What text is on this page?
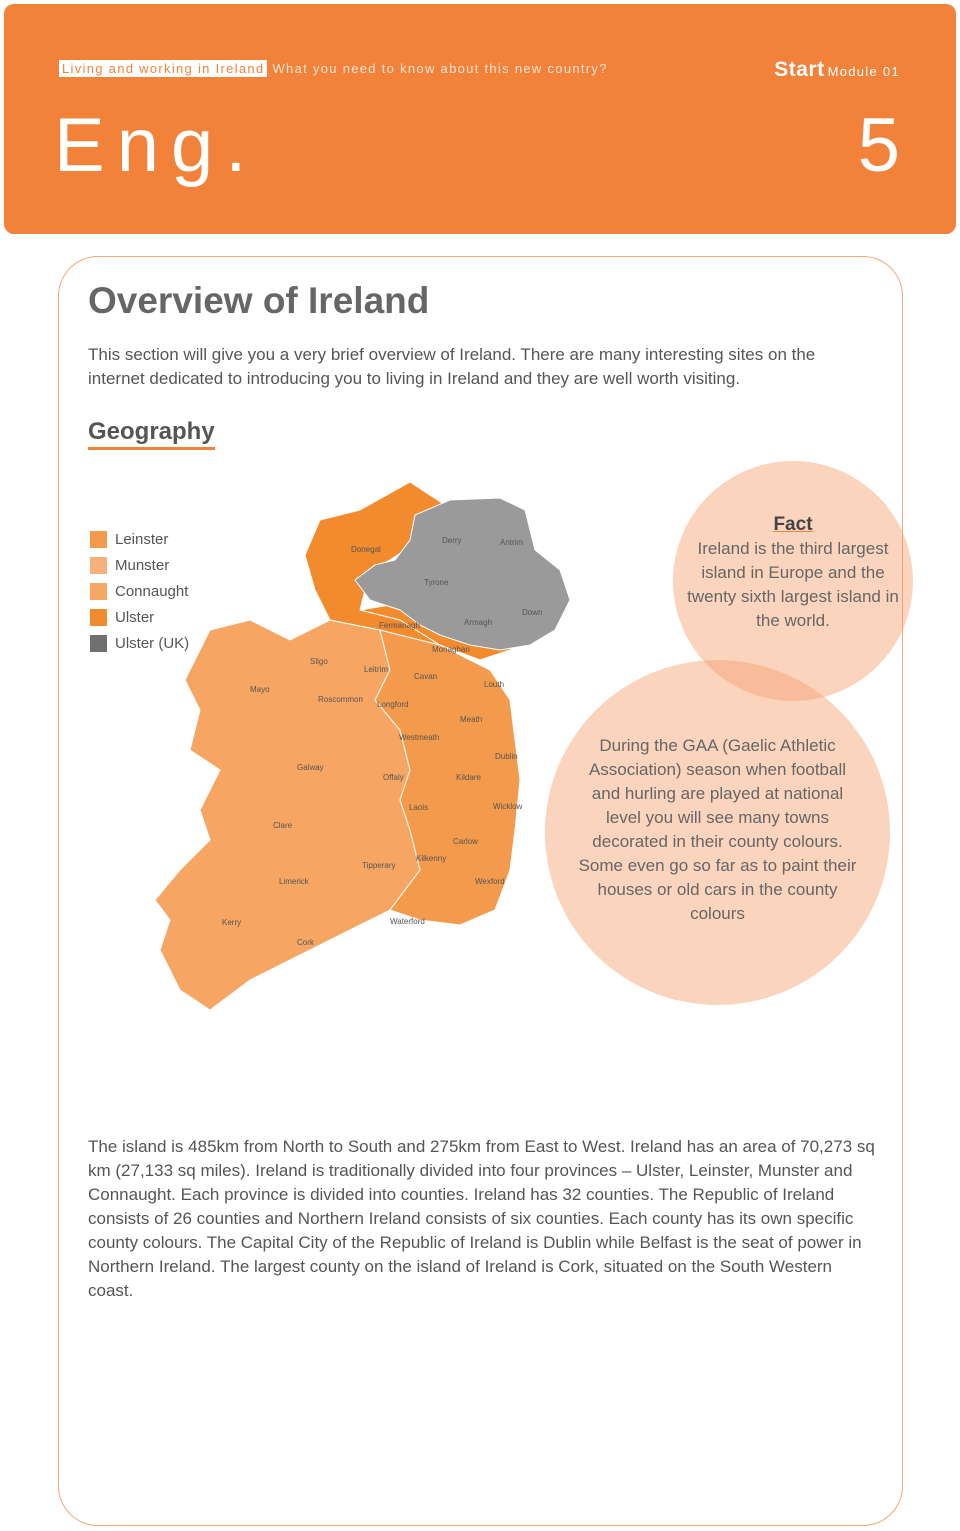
Living and working in Ireland What you need to know about this new country?	Start Module 01
Eng.	5
Overview of Ireland

This section will give you a very brief overview of Ireland. There are many interesting sites on the internet dedicated to introducing you to living in Ireland and they are well worth visiting.

Geography
Leinster
Munster
Connaught
Ulster
Ulster (UK)
Donegal
Derry	Antrim
Tyrone
Fermanagh	Armagh
Down
Monaghan
Sligo
Leitrim
Cavan
Louth
Mayo
Roscommon
Longford
Meath
Westmeath
Dublin
Galway
Offaly	Kildare
Laois	Wicklow
Clare
Carlow
Tipperary
Kilkenny
Limerick	Wexford
Kerry	Waterford
Cork
Fact
Ireland is the third largest island in Europe and the twenty sixth largest island in the world.
During the GAA (Gaelic Athletic Association) season when football and hurling are played at national level you will see many towns decorated in their county colours. Some even go so far as to paint their houses or old cars in the county colours

The island is 485km from North to South and 275km from East to West. Ireland has an area of 70,273 sq km (27,133 sq miles). Ireland is traditionally divided into four provinces – Ulster, Leinster, Munster and Connaught. Each province is divided into counties. Ireland has 32 counties. The Republic of Ireland consists of 26 counties and Northern Ireland consists of six counties. Each county has its own specific county colours. The Capital City of the Republic of Ireland is Dublin while Belfast is the seat of power in Northern Ireland. The largest county on the island of Ireland is Cork, situated on the South Western coast.
